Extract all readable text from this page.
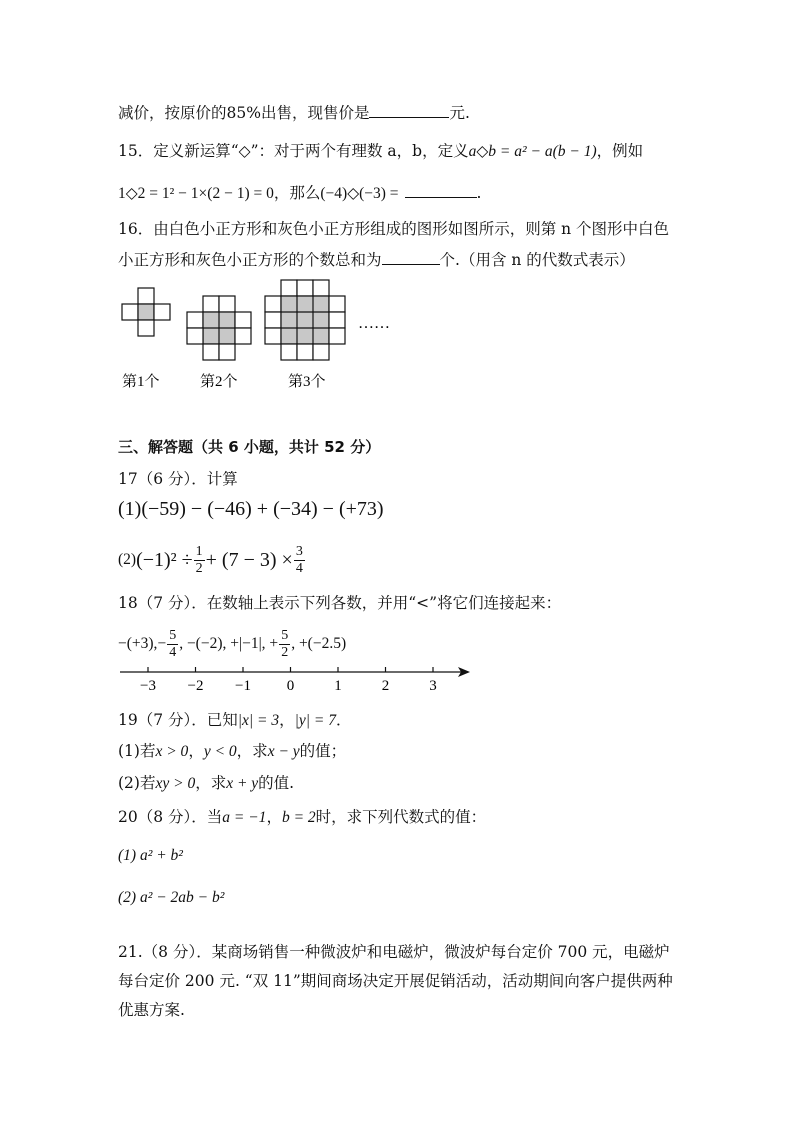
减价，按原价的85%出售，现售价是	元.
15．定义新运算“◇”：对于两个有理数 a，b，定义a◇b = a² − a(b − 1)，例如
1◇2 = 1² − 1×(2 − 1) = 0，那么(−4)◇(−3) =	.
16．由白色小正方形和灰色小正方形组成的图形如图所示，则第 n 个图形中白色
小正方形和灰色小正方形的个数总和为	个.（用含 n 的代数式表示）
……
第1个	第2个	第3个
三、解答题（共 6 小题，共计 52 分）
17（6 分）．计算
(1)(−59) − (−46) + (−34) − (+73)
(2) $(-1)^2 \div \frac{1}{2} + (7 - 3) \times \frac{3}{4}$
18（7 分）．在数轴上表示下列各数，并用“<”将它们连接起来：
−(+3), − $\frac{5}{4}$ , −(−2), +|−1|, + $\frac{5}{2}$ , +(−2.5)
−3 −2 −1 0	1	2	3
19（7 分）．已知|x| = 3，|y| = 7．
(1)若x > 0，y < 0，求x − y的值；
(2)若xy > 0，求x + y的值.
20（8 分）．当a = −1，b = 2时，求下列代数式的值：
(1) a² + b²
(2) a² − 2ab − b²
21.（8 分）．某商场销售一种微波炉和电磁炉，微波炉每台定价 700 元，电磁炉
每台定价 200 元. “双 11”期间商场决定开展促销活动，活动期间向客户提供两种
优惠方案.
